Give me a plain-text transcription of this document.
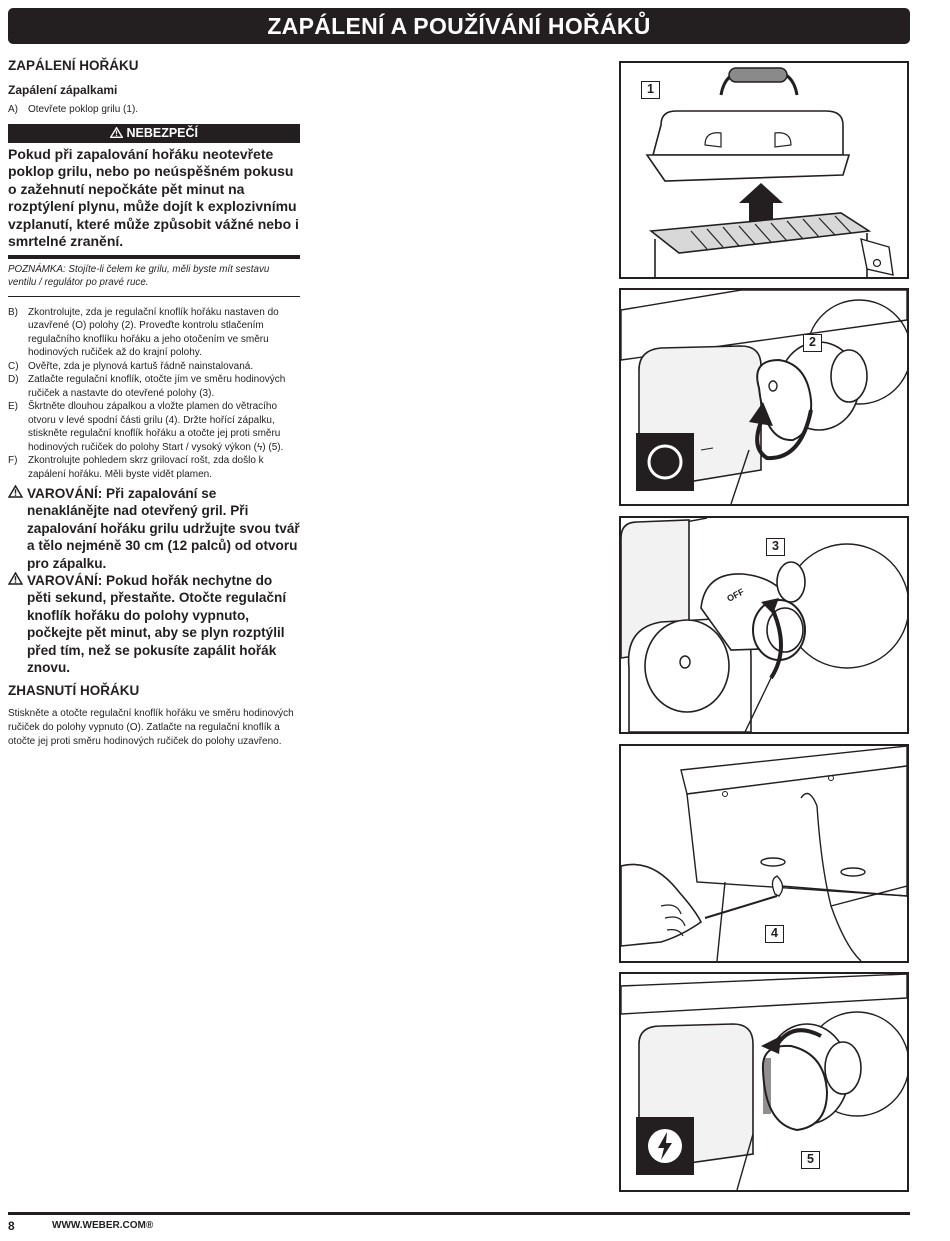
ZAPÁLENÍ A POUŽÍVÁNÍ HOŘÁKŮ
ZAPÁLENÍ HOŘÁKU
Zapálení zápalkami
A)	Otevřete poklop grilu (1).
NEBEZPEČÍ
Pokud při zapalování hořáku neotevřete poklop grilu, nebo po neúspěšném pokusu o zažehnutí nepočkáte pět minut na rozptýlení plynu, může dojít k explozivnímu vzplanutí, které může způsobit vážné nebo i smrtelné zranění.
POZNÁMKA: Stojíte-li čelem ke grilu, měli byste mít sestavu ventilu / regulátor po pravé ruce.
B)	Zkontrolujte, zda je regulační knoflík hořáku nastaven do uzavřené (O) polohy (2). Proveďte kontrolu stlačením regulačního knoflíku hořáku a jeho otočením ve směru hodinových ručiček až do krajní polohy.
C) Ověřte, zda je plynová kartuš řádně nainstalovaná.
D) Zatlačte regulační knoflík, otočte jím ve směru hodinových ručiček a nastavte do otevřené polohy (3).
E)	Škrtněte dlouhou zápalkou a vložte plamen do větracího otvoru v levé spodní části grilu (4). Držte hořící zápalku, stiskněte regulační knoflík hořáku a otočte jej proti směru hodinových ručiček do polohy Start / vysoký výkon (ϟ) (5).
F)	Zkontrolujte pohledem skrz grilovací rošt, zda došlo k zapálení hořáku. Měli byste vidět plamen.
VAROVÁNÍ: Při zapalování se nenaklánějte nad otevřený gril. Při zapalování hořáku grilu udržujte svou tvář a tělo nejméně 30 cm (12 palců) od otvoru pro zápalku.
VAROVÁNÍ: Pokud hořák nechytne do pěti sekund, přestaňte. Otočte regulační knoflík hořáku do polohy vypnuto, počkejte pět minut, aby se plyn rozptýlil před tím, než se pokusíte zapálit hořák znovu.
ZHASNUTÍ HOŘÁKU
Stiskněte a otočte regulační knoflík hořáku ve směru hodinových ručiček do polohy vypnuto (O). Zatlačte na regulační knoflík a otočte jej proti směru hodinových ručiček do polohy uzavřeno.
1
2
OFF
3
4
5
8	WWW.WEBER.COM®
